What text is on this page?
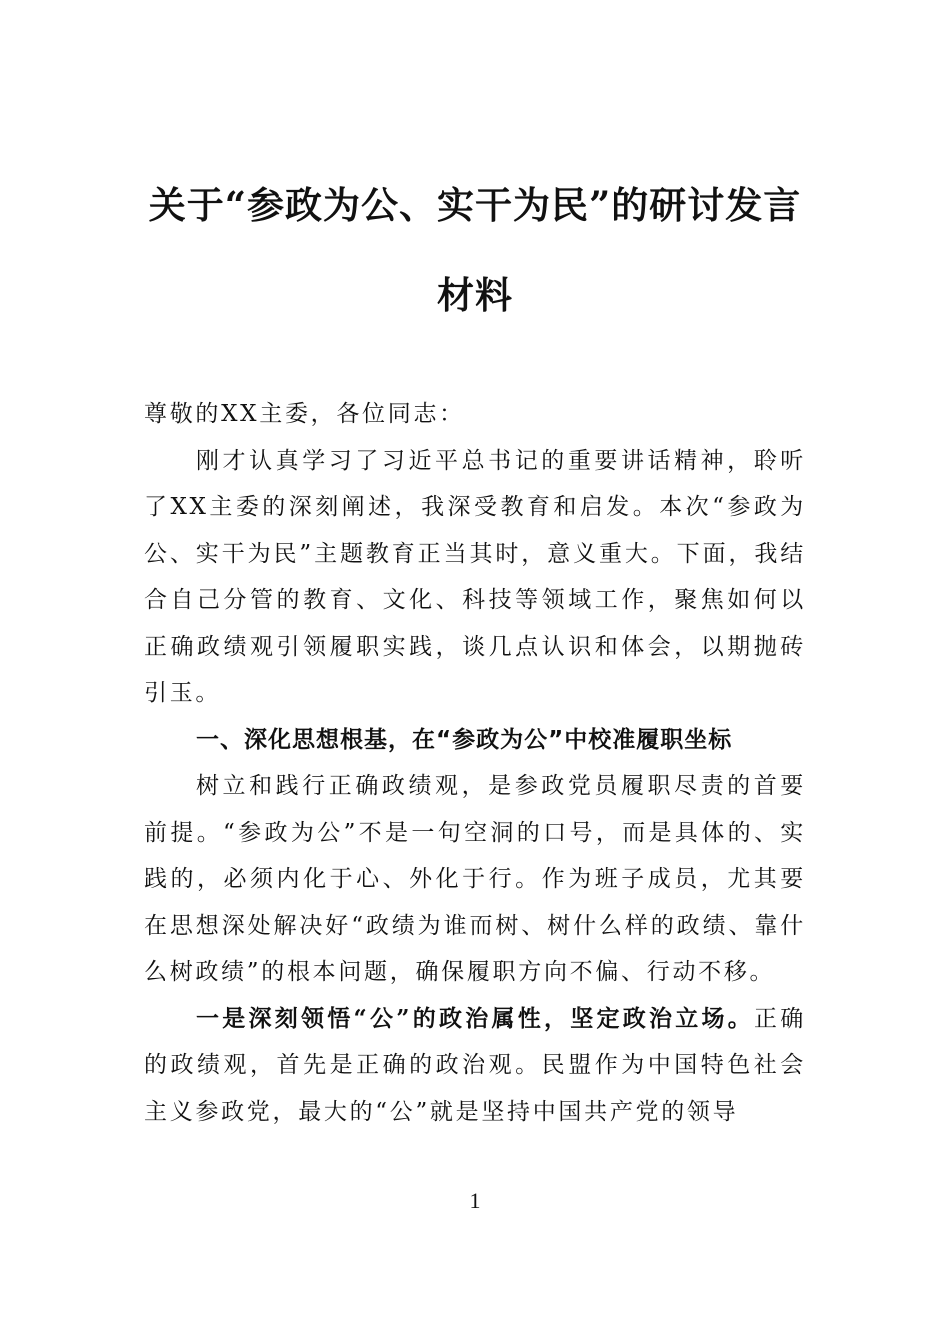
关于“参政为公、实干为民”的研讨发言
材料

尊敬的XX主委，各位同志：

刚才认真学习了习近平总书记的重要讲话精神，聆听了XX主委的深刻阐述，我深受教育和启发。本次“参政为公、实干为民”主题教育正当其时，意义重大。下面，我结合自己分管的教育、文化、科技等领域工作，聚焦如何以正确政绩观引领履职实践，谈几点认识和体会，以期抛砖引玉。

一、深化思想根基，在“参政为公”中校准履职坐标

树立和践行正确政绩观，是参政党员履职尽责的首要前提。“参政为公”不是一句空洞的口号，而是具体的、实践的，必须内化于心、外化于行。作为班子成员，尤其要在思想深处解决好“政绩为谁而树、树什么样的政绩、靠什么树政绩”的根本问题，确保履职方向不偏、行动不移。

一是深刻领悟“公”的政治属性，坚定政治立场。正确的政绩观，首先是正确的政治观。民盟作为中国特色社会主义参政党，最大的“公”就是坚持中国共产党的领导

1
